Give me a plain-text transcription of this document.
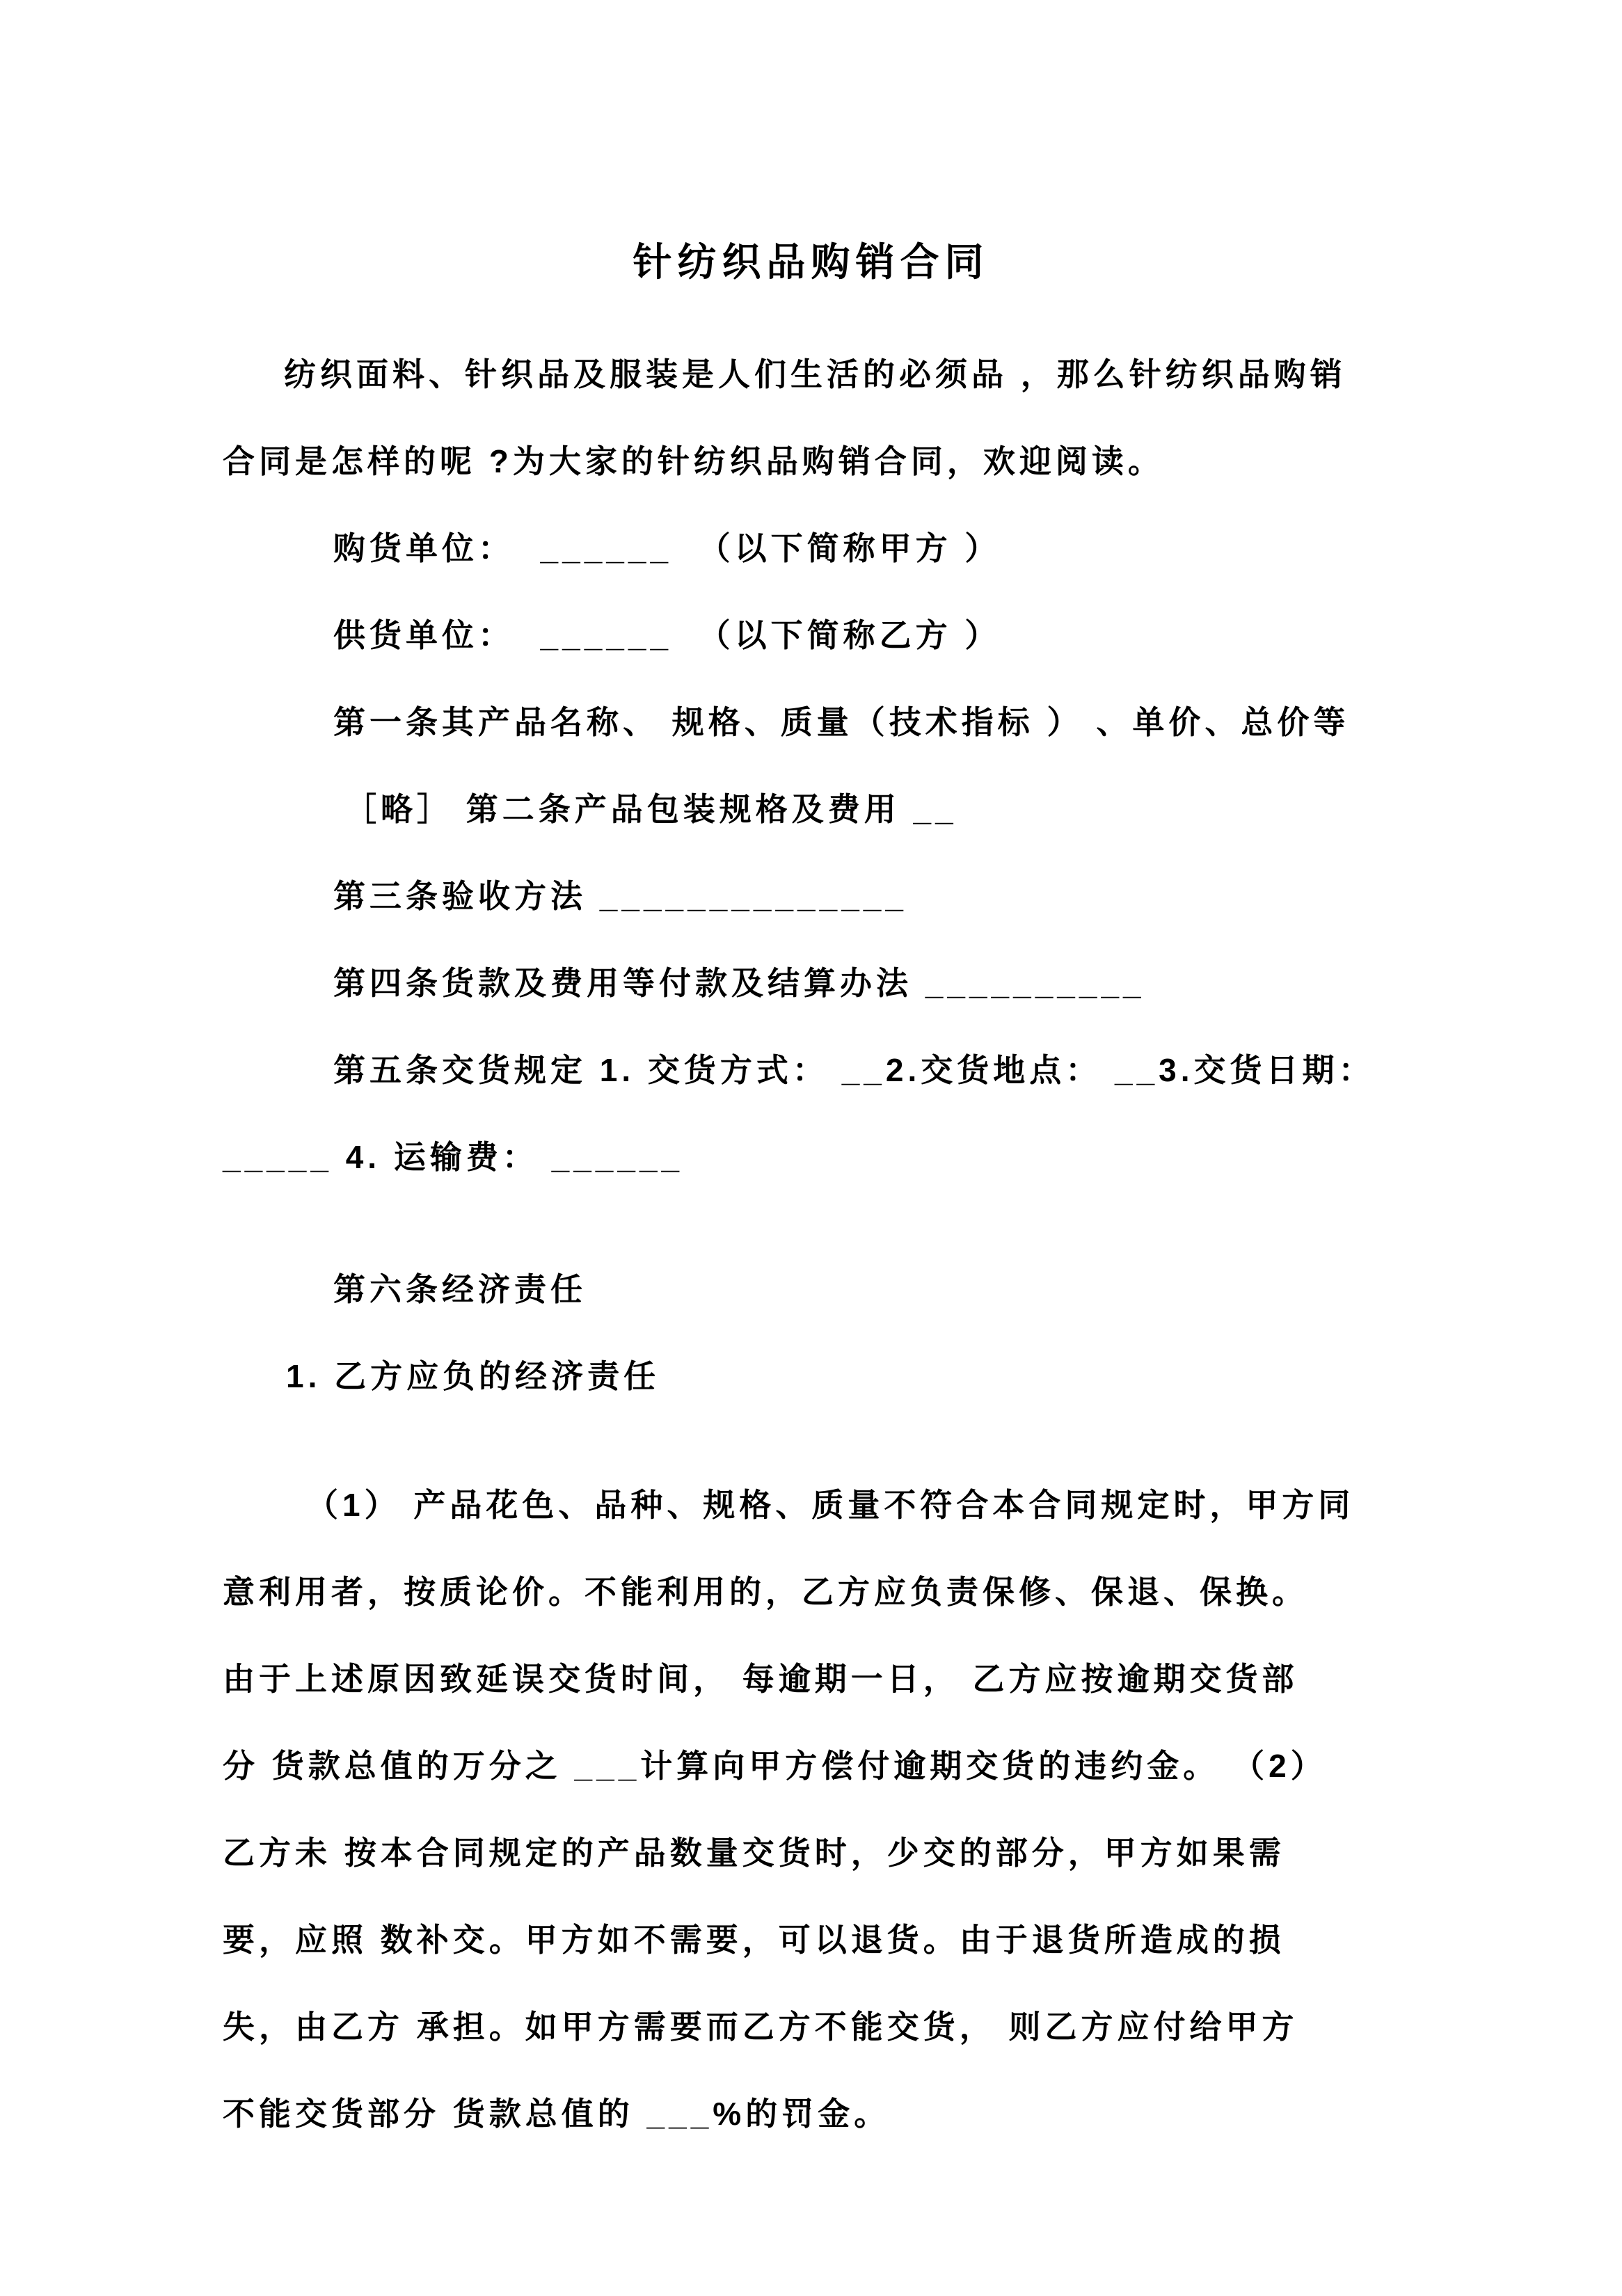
针纺织品购销合同
纺织面料、针织品及服装是人们生活的必须品 ，那么针纺织品购销
合同是怎样的呢 ?为大家的针纺织品购销合同，欢迎阅读。
购货单位：  ______  （以下简称甲方 ）
供货单位：  ______  （以下简称乙方 ）
第一条其产品名称、 规格、质量（技术指标 ） 、单价、总价等
［略］ 第二条产品包装规格及费用 __
第三条验收方法 ______________
第四条货款及费用等付款及结算办法 __________
第五条交货规定 1. 交货方式： __2.交货地点： __3.交货日期：
_____ 4. 运输费： ______
第六条经济责任
1. 乙方应负的经济责任
（1） 产品花色、品种、规格、质量不符合本合同规定时，甲方同
意利用者，按质论价。不能利用的，乙方应负责保修、保退、保换。
由于上述原因致延误交货时间， 每逾期一日， 乙方应按逾期交货部
分 货款总值的万分之 ___计算向甲方偿付逾期交货的违约金。 （2）
乙方未 按本合同规定的产品数量交货时，少交的部分，甲方如果需
要，应照 数补交。甲方如不需要，可以退货。由于退货所造成的损
失，由乙方 承担。如甲方需要而乙方不能交货， 则乙方应付给甲方
不能交货部分 货款总值的 ___%的罚金。
